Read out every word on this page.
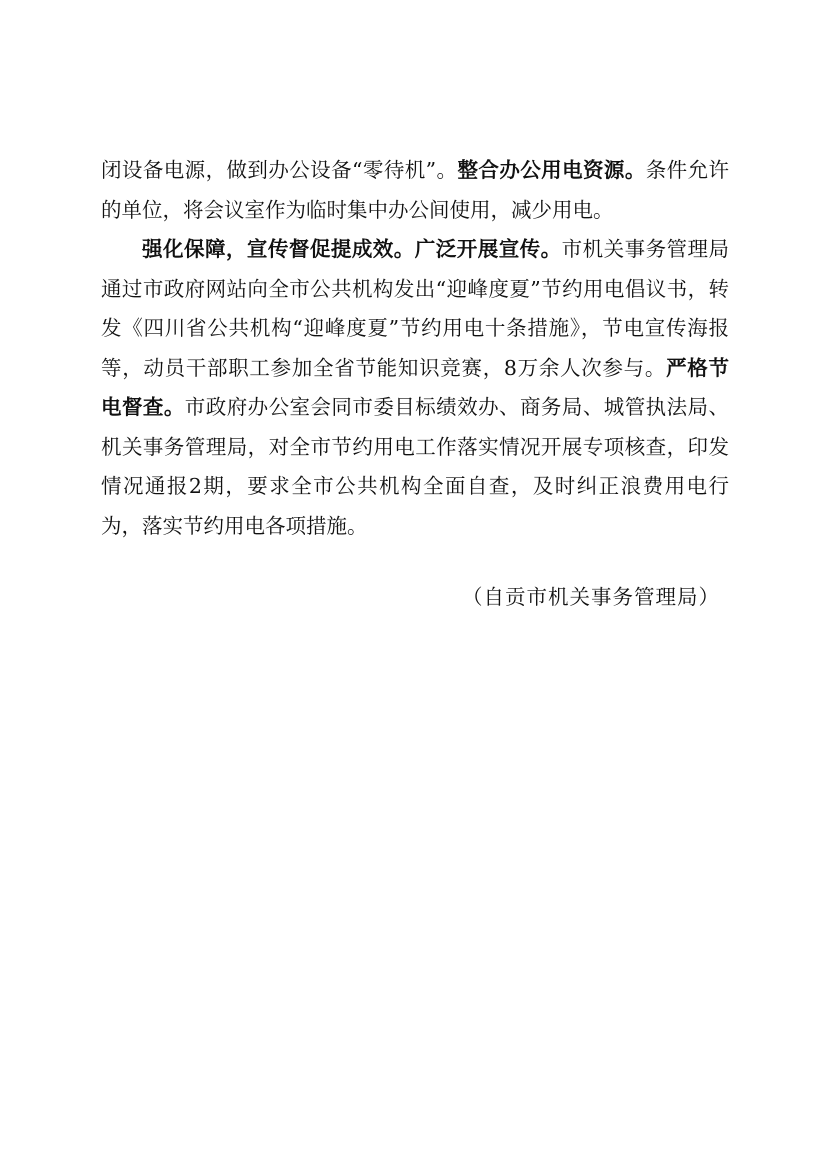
闭设备电源，做到办公设备“零待机”。整合办公用电资源。条件允许的单位，将会议室作为临时集中办公间使用，减少用电。

强化保障，宣传督促提成效。广泛开展宣传。市机关事务管理局通过市政府网站向全市公共机构发出“迎峰度夏”节约用电倡议书，转发《四川省公共机构“迎峰度夏”节约用电十条措施》，节电宣传海报等，动员干部职工参加全省节能知识竞赛，8万余人次参与。严格节电督查。市政府办公室会同市委目标绩效办、商务局、城管执法局、机关事务管理局，对全市节约用电工作落实情况开展专项核查，印发情况通报2期，要求全市公共机构全面自查，及时纠正浪费用电行为，落实节约用电各项措施。

（自贡市机关事务管理局）
